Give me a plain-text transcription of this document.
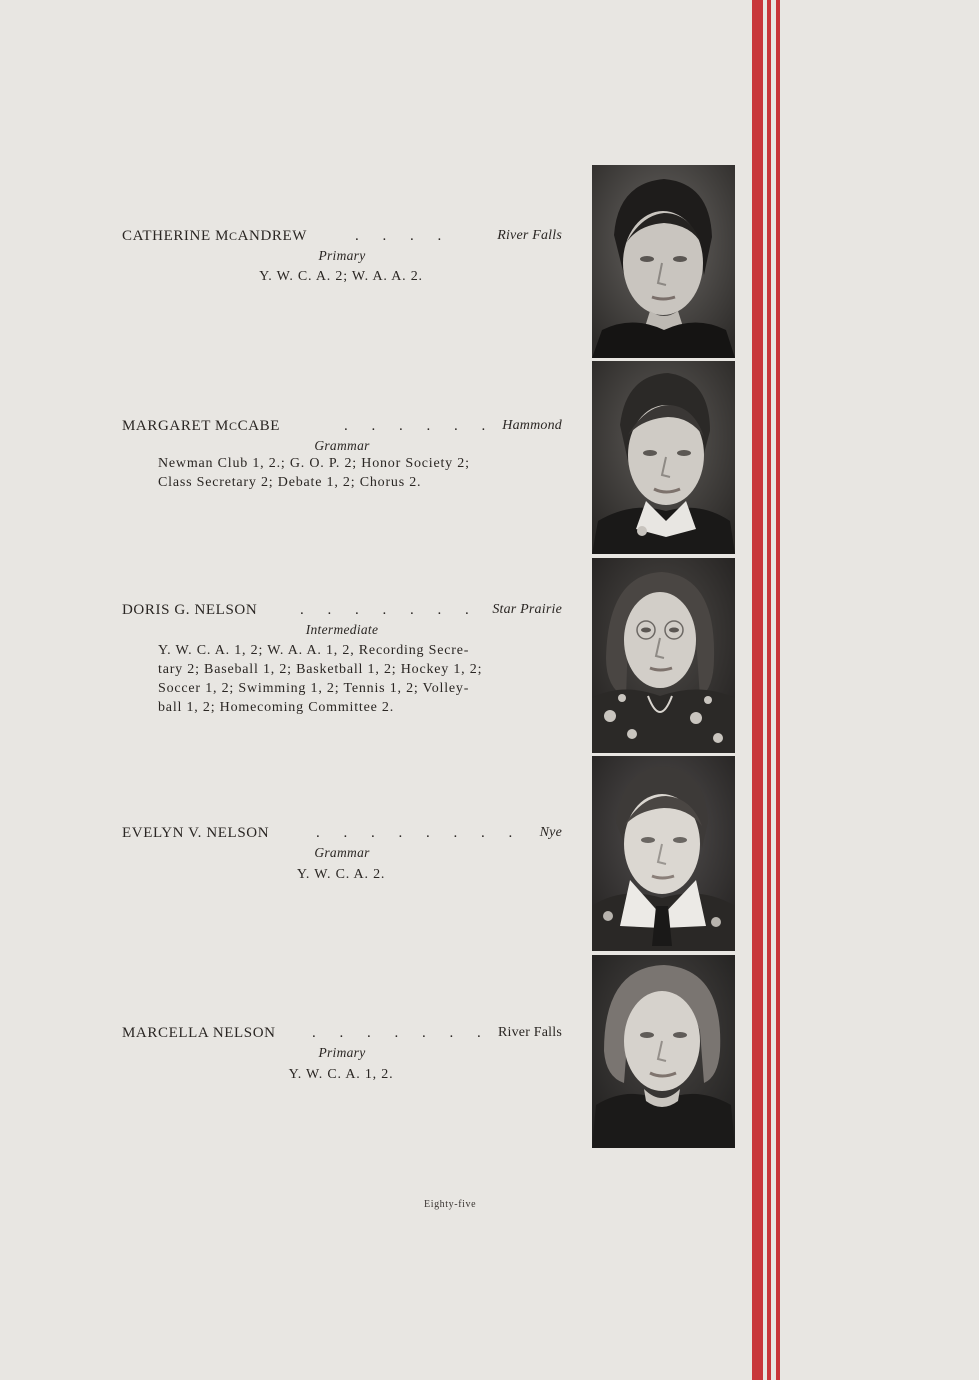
CATHERINE MCANDREW	. . . .	River Falls
Primary
Y. W. C. A. 2; W. A. A. 2.
MARGARET MCCABE	. . . . . . Hammond
Grammar
Newman Club 1, 2.; G. O. P. 2; Honor Society 2;
Class Secretary 2; Debate 1, 2; Chorus 2.
DORIS G. NELSON	. . . . . . . Star Prairie
Intermediate
Y. W. C. A. 1, 2; W. A. A. 1, 2, Recording Secre-
tary 2; Baseball 1, 2; Basketball 1, 2; Hockey 1, 2;
Soccer 1, 2; Swimming 1, 2; Tennis 1, 2; Volley-
ball 1, 2; Homecoming Committee 2.
EVELYN V. NELSON	. . . . . . . . Nye
Grammar
Y. W. C. A. 2.
MARCELLA NELSON . . . . . . . River Falls
Primary
Y. W. C. A. 1, 2.
Eighty-five
